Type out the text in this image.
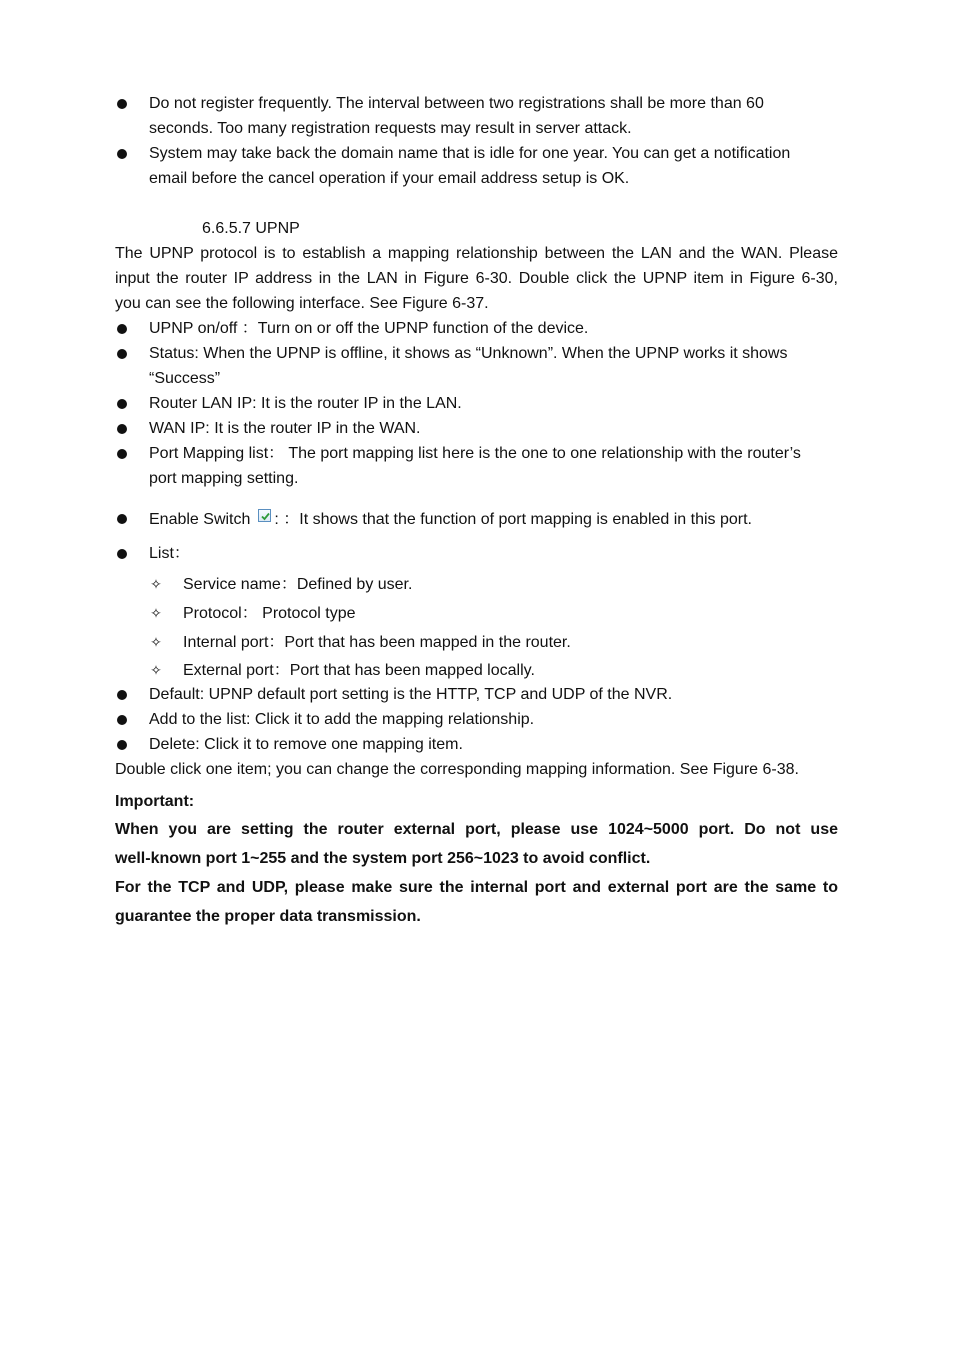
Do not register frequently. The interval between two registrations shall be more than 60
seconds. Too many registration requests may result in server attack.
System may take back the domain name that is idle for one year. You can get a notification
email before the cancel operation if your email address setup is OK.
6.6.5.7 UPNP
The UPNP protocol is to establish a mapping relationship between the LAN and the WAN. Please
input the router IP address in the LAN in Figure 6-30. Double click the UPNP item in Figure 6-30,
you can see the following interface. See Figure 6-37.
UPNP on/off ：Turn on or off the UPNP function of the device.
Status: When the UPNP is offline, it shows as “Unknown”. When the UPNP works it shows
“Success”
Router LAN IP: It is the router IP in the LAN.
WAN IP: It is the router IP in the WAN.
Port Mapping list： The port mapping list here is the one to one relationship with the router’s
port mapping setting.
Enable Switch : ：It shows that the function of port mapping is enabled in this port.
List：
✧ Service name：Defined by user.
✧ Protocol： Protocol type
✧ Internal port：Port that has been mapped in the router.
✧ External port：Port that has been mapped locally.
Default: UPNP default port setting is the HTTP, TCP and UDP of the NVR.
Add to the list: Click it to add the mapping relationship.
Delete: Click it to remove one mapping item.
Double click one item; you can change the corresponding mapping information. See Figure 6-38.
Important:
When you are setting the router external port, please use 1024~5000 port. Do not use
well-known port 1~255 and the system port 256~1023 to avoid conflict.
For the TCP and UDP, please make sure the internal port and external port are the same to
guarantee the proper data transmission.
